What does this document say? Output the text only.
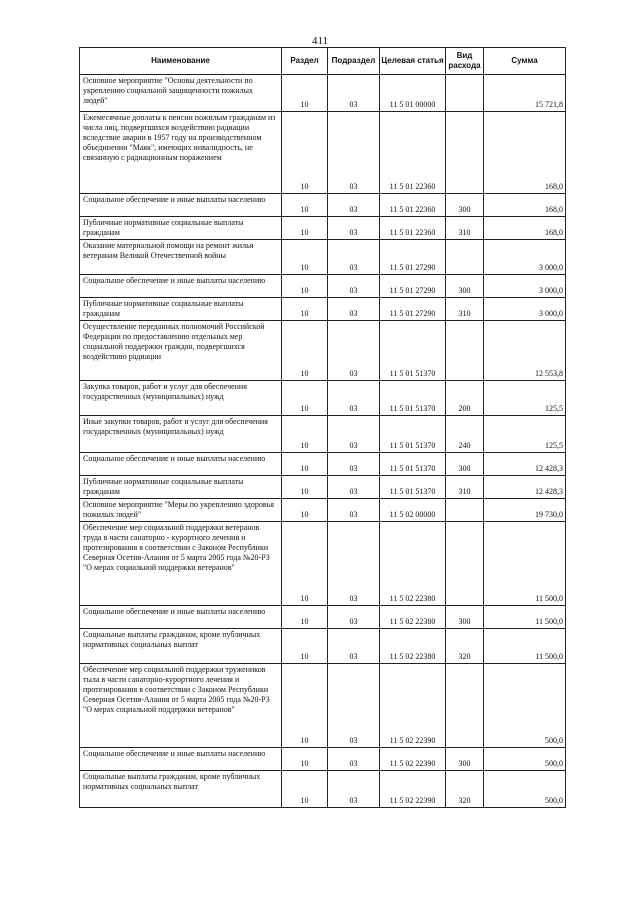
411
Наименование	Раздел	Подраздел	Целевая статья	Вид расхода	Сумма
Основное мероприятие "Основы деятельности по укреплению социальной защищенности пожилых людей"	10	03	11 5 01 00000		15 721,8
Ежемесячные доплаты к пенсии пожилым гражданам из числа лиц, подвергшихся воздействию радиации вследствие аварии в 1957 году на производственном объединении "Маяк", имеющих инвалидность, не связанную с радиационным поражением	10	03	11 5 01 22360		168,0
Социальное обеспечение и иные выплаты населению	10	03	11 5 01 22360	300	168,0
Публичные нормативные социальные выплаты гражданам	10	03	11 5 01 22360	310	168,0
Оказание материальной помощи на ремонт жилья ветеранам Великой Отечественной войны	10	03	11 5 01 27290		3 000,0
Социальное обеспечение и иные выплаты населению	10	03	11 5 01 27290	300	3 000,0
Публичные нормативные социальные выплаты гражданам	10	03	11 5 01 27290	310	3 000,0
Осуществление переданных полномочий Российской Федерации по предоставлению отдельных мер социальной поддержки граждан, подвергшихся воздействию радиации	10	03	11 5 01 51370		12 553,8
Закупка товаров, работ и услуг для обеспечения государственных (муниципальных) нужд	10	03	11 5 01 51370	200	125,5
Иные закупки товаров, работ и услуг для обеспечения государственных (муниципальных) нужд	10	03	11 5 01 51370	240	125,5
Социальное обеспечение и иные выплаты населению	10	03	11 5 01 51370	300	12 428,3
Публичные нормативные социальные выплаты гражданам	10	03	11 5 01 51370	310	12 428,3
Основное мероприятие "Меры по укреплению здоровья пожилых людей"	10	03	11 5 02 00000		19 730,0
Обеспечение мер социальной поддержки ветеранов труда в части санаторно - курортного лечения и протезирования в соответствии с Законом Республики Северная Осетия-Алания от 5 марта 2005 года №20-РЗ "О мерах социальной поддержки ветеранов"	10	03	11 5 02 22380		11 500,0
Социальное обеспечение и иные выплаты населению	10	03	11 5 02 22380	300	11 500,0
Социальные выплаты гражданам, кроме публичных нормативных социальных выплат	10	03	11 5 02 22380	320	11 500,0
Обеспечение мер социальной поддержки тружеников тыла в части санаторно-курортного лечения и протезирования в соответствии с Законом Республики Северная Осетия-Алания от 5 марта 2005 года №20-РЗ "О мерах социальной поддержки ветеранов"	10	03	11 5 02 22390		500,0
Социальное обеспечение и иные выплаты населению	10	03	11 5 02 22390	300	500,0
Социальные выплаты гражданам, кроме публичных нормативных социальных выплат	10	03	11 5 02 22390	320	500,0
